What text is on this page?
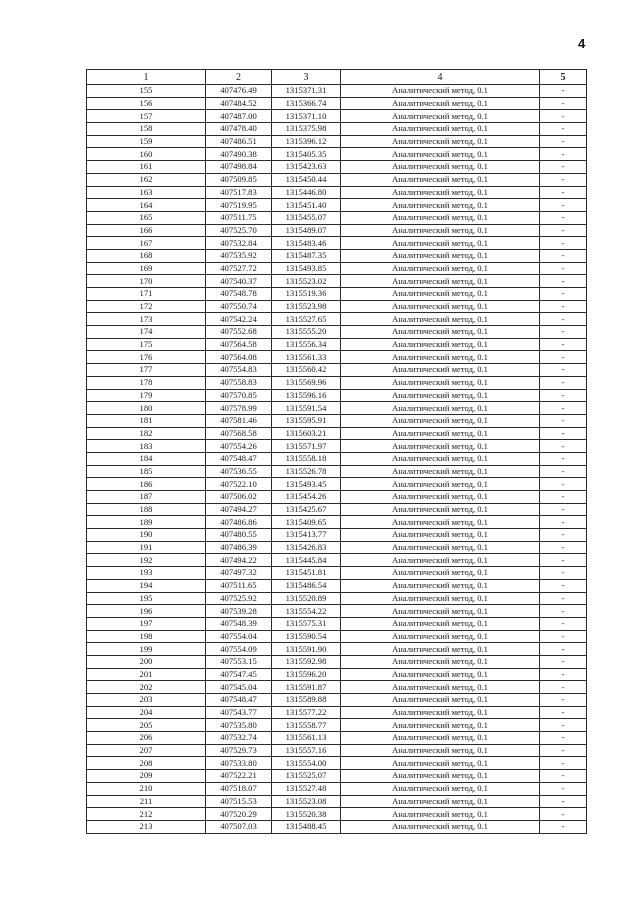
4
1	2	3	4	5
155	407476.49	1315371.31	Аналитический метод, 0.1	-
156	407484.52	1315366.74	Аналитический метод, 0.1	-
157	407487.00	1315371.10	Аналитический метод, 0.1	-
158	407478.40	1315375.98	Аналитический метод, 0.1	-
159	407486.51	1315396.12	Аналитический метод, 0.1	-
160	407490.38	1315405.35	Аналитический метод, 0.1	-
161	407498.84	1315423.63	Аналитический метод, 0.1	-
162	407509.85	1315450.44	Аналитический метод, 0.1	-
163	407517.83	1315446.80	Аналитический метод, 0.1	-
164	407519.95	1315451.40	Аналитический метод, 0.1	-
165	407511.75	1315455.07	Аналитический метод, 0.1	-
166	407525.70	1315489.07	Аналитический метод, 0.1	-
167	407532.84	1315483.46	Аналитический метод, 0.1	-
168	407535.92	1315487.35	Аналитический метод, 0.1	-
169	407527.72	1315493.85	Аналитический метод, 0.1	-
170	407540.37	1315523.02	Аналитический метод, 0.1	-
171	407548.78	1315519.36	Аналитический метод, 0.1	-
172	407550.74	1315523.98	Аналитический метод, 0.1	-
173	407542.24	1315527.65	Аналитический метод, 0.1	-
174	407552.68	1315555.20	Аналитический метод, 0.1	-
175	407564.58	1315556.34	Аналитический метод, 0.1	-
176	407564.08	1315561.33	Аналитический метод, 0.1	-
177	407554.83	1315560.42	Аналитический метод, 0.1	-
178	407558.83	1315569.96	Аналитический метод, 0.1	-
179	407570.85	1315596.16	Аналитический метод, 0.1	-
180	407578.99	1315591.54	Аналитический метод, 0.1	-
181	407581.46	1315595.91	Аналитический метод, 0.1	-
182	407568.58	1315603.21	Аналитический метод, 0.1	-
183	407554.26	1315571.97	Аналитический метод, 0.1	-
184	407548.47	1315558.18	Аналитический метод, 0.1	-
185	407536.55	1315526.78	Аналитический метод, 0.1	-
186	407522.10	1315493.45	Аналитический метод, 0.1	-
187	407506.02	1315454.26	Аналитический метод, 0.1	-
188	407494.27	1315425.67	Аналитический метод, 0.1	-
189	407486.86	1315409.65	Аналитический метод, 0.1	-
190	407480.55	1315413.77	Аналитический метод, 0.1	-
191	407486.39	1315426.83	Аналитический метод, 0.1	-
192	407494.22	1315445.84	Аналитический метод, 0.1	-
193	407497.32	1315451.81	Аналитический метод, 0.1	-
194	407511.65	1315486.54	Аналитический метод, 0.1	-
195	407525.92	1315520.89	Аналитический метод, 0.1	-
196	407539.28	1315554.22	Аналитический метод, 0.1	-
197	407548.39	1315575.31	Аналитический метод, 0.1	-
198	407554.04	1315590.54	Аналитический метод, 0.1	-
199	407554.09	1315591.90	Аналитический метод, 0.1	-
200	407553.15	1315592.98	Аналитический метод, 0.1	-
201	407547.45	1315596.20	Аналитический метод, 0.1	-
202	407545.04	1315591.87	Аналитический метод, 0.1	-
203	407548.47	1315589.88	Аналитический метод, 0.1	-
204	407543.77	1315577.22	Аналитический метод, 0.1	-
205	407535.80	1315558.77	Аналитический метод, 0.1	-
206	407532.74	1315561.13	Аналитический метод, 0.1	-
207	407529.73	1315557.16	Аналитический метод, 0.1	-
208	407533.80	1315554.00	Аналитический метод, 0.1	-
209	407522.21	1315525.07	Аналитический метод, 0.1	-
210	407518.07	1315527.48	Аналитический метод, 0.1	-
211	407515.53	1315523.08	Аналитический метод, 0.1	-
212	407520.29	1315520.38	Аналитический метод, 0.1	-
213	407507.03	1315488.45	Аналитический метод, 0.1	-
